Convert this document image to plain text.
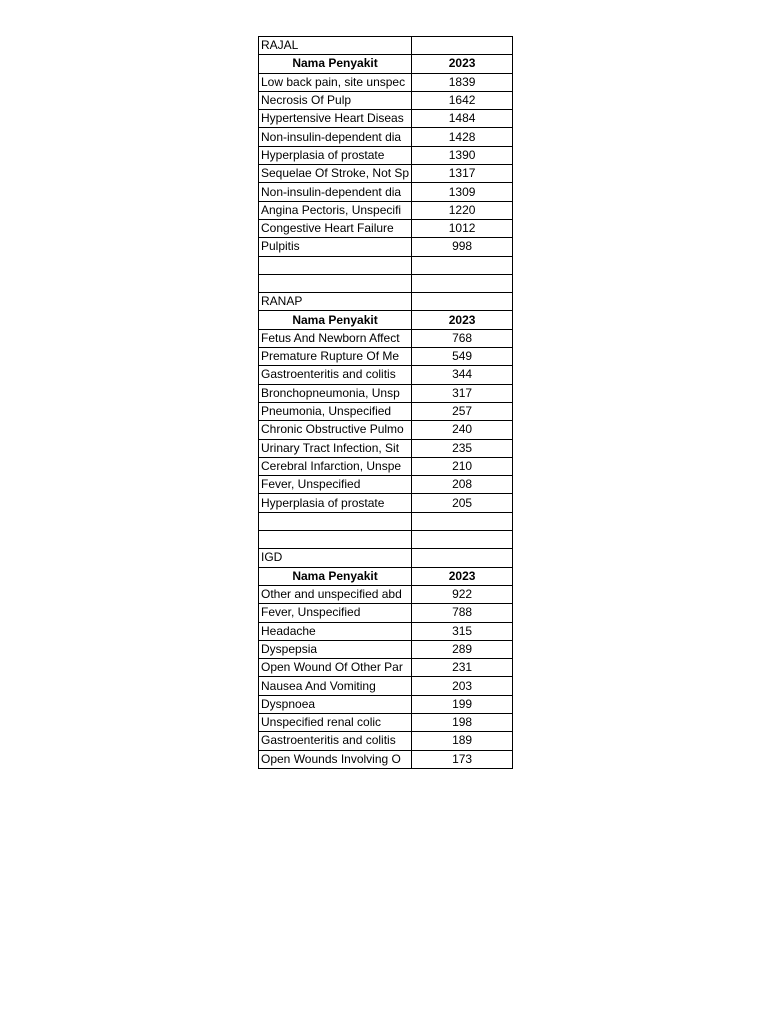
RAJAL	
Nama Penyakit	2023
Low back pain, site unspec	1839
Necrosis Of Pulp	1642
Hypertensive Heart Diseas	1484
Non-insulin-dependent dia	1428
Hyperplasia of prostate	1390
Sequelae Of Stroke, Not Sp	1317
Non-insulin-dependent dia	1309
Angina Pectoris, Unspecifi	1220
Congestive Heart Failure	1012
Pulpitis	998

RANAP	
Nama Penyakit	2023
Fetus And Newborn Affect	768
Premature Rupture Of Me	549
Gastroenteritis and colitis	344
Bronchopneumonia, Unsp	317
Pneumonia, Unspecified	257
Chronic Obstructive Pulmo	240
Urinary Tract Infection, Sit	235
Cerebral Infarction, Unspe	210
Fever, Unspecified	208
Hyperplasia of prostate	205

IGD	
Nama Penyakit	2023
Other and unspecified abd	922
Fever, Unspecified	788
Headache	315
Dyspepsia	289
Open Wound Of Other Par	231
Nausea And Vomiting	203
Dyspnoea	199
Unspecified renal colic	198
Gastroenteritis and colitis	189
Open Wounds Involving O	173
